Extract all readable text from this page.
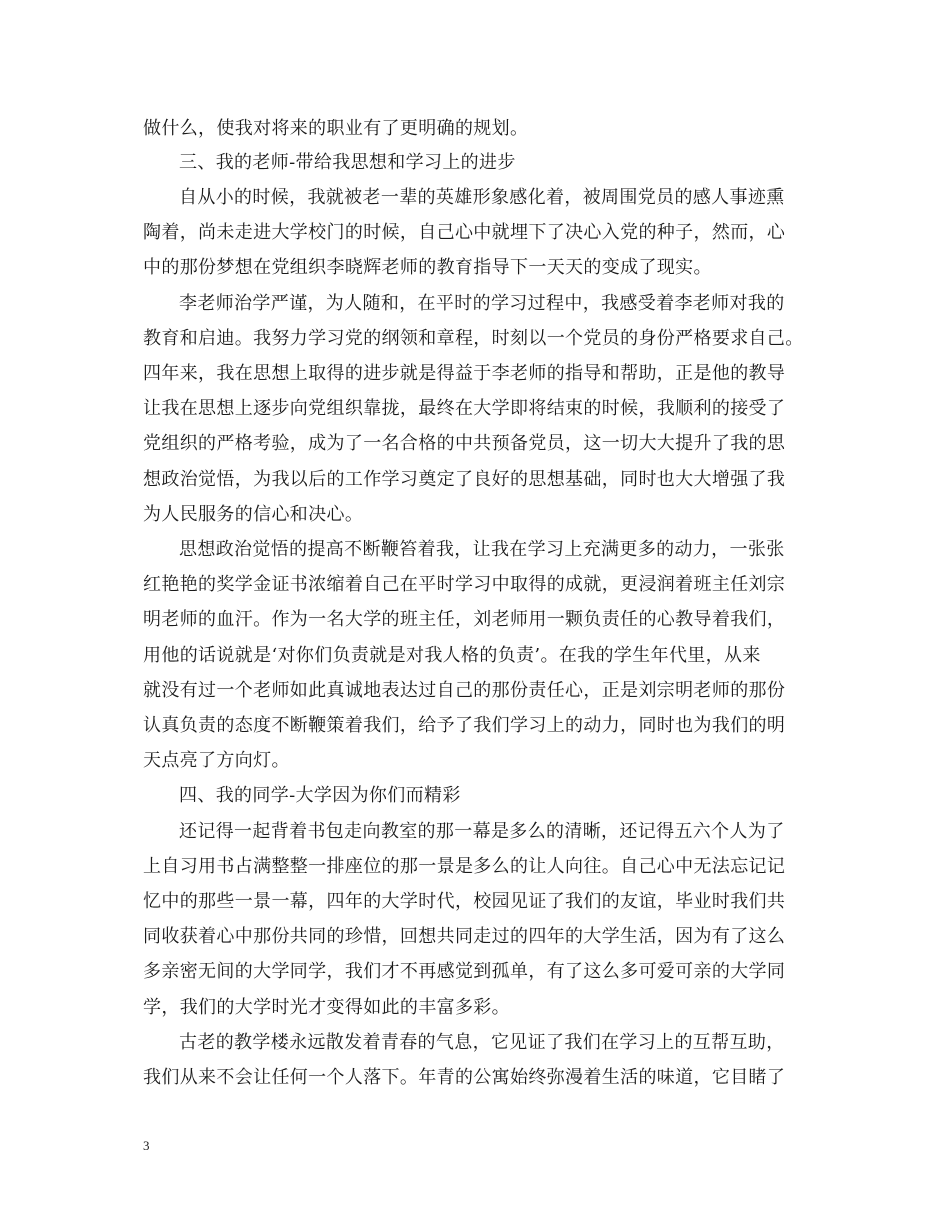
做什么，使我对将来的职业有了更明确的规划。
三、我的老师-带给我思想和学习上的进步
自从小的时候，我就被老一辈的英雄形象感化着，被周围党员的感人事迹熏
陶着，尚未走进大学校门的时候，自己心中就埋下了决心入党的种子，然而，心
中的那份梦想在党组织李晓辉老师的教育指导下一天天的变成了现实。
李老师治学严谨，为人随和，在平时的学习过程中，我感受着李老师对我的
教育和启迪。我努力学习党的纲领和章程，时刻以一个党员的身份严格要求自己。
四年来，我在思想上取得的进步就是得益于李老师的指导和帮助，正是他的教导
让我在思想上逐步向党组织靠拢，最终在大学即将结束的时候，我顺利的接受了
党组织的严格考验，成为了一名合格的中共预备党员，这一切大大提升了我的思
想政治觉悟，为我以后的工作学习奠定了良好的思想基础，同时也大大增强了我
为人民服务的信心和决心。
思想政治觉悟的提高不断鞭笞着我，让我在学习上充满更多的动力，一张张
红艳艳的奖学金证书浓缩着自己在平时学习中取得的成就，更浸润着班主任刘宗
明老师的血汗。作为一名大学的班主任，刘老师用一颗负责任的心教导着我们，
用他的话说就是‘对你们负责就是对我人格的负责’。在我的学生年代里，从来
就没有过一个老师如此真诚地表达过自己的那份责任心，正是刘宗明老师的那份
认真负责的态度不断鞭策着我们，给予了我们学习上的动力，同时也为我们的明
天点亮了方向灯。
四、我的同学-大学因为你们而精彩
还记得一起背着书包走向教室的那一幕是多么的清晰，还记得五六个人为了
上自习用书占满整整一排座位的那一景是多么的让人向往。自己心中无法忘记记
忆中的那些一景一幕，四年的大学时代，校园见证了我们的友谊，毕业时我们共
同收获着心中那份共同的珍惜，回想共同走过的四年的大学生活，因为有了这么
多亲密无间的大学同学，我们才不再感觉到孤单，有了这么多可爱可亲的大学同
学，我们的大学时光才变得如此的丰富多彩。
古老的教学楼永远散发着青春的气息，它见证了我们在学习上的互帮互助，
我们从来不会让任何一个人落下。年青的公寓始终弥漫着生活的味道，它目睹了
3
